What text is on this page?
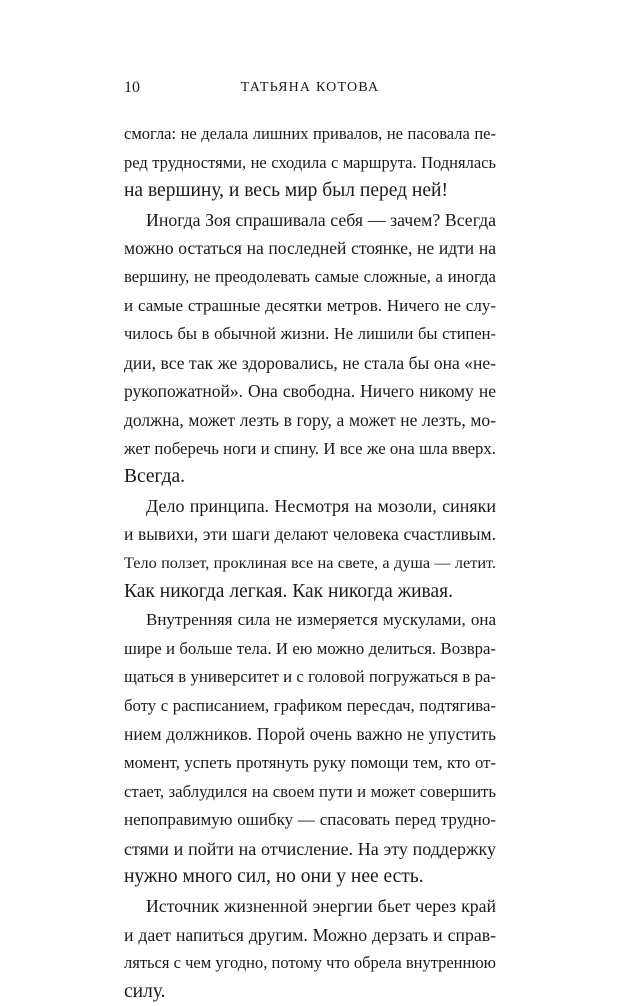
10	ТАТЬЯНА КОТОВА
смогла: не делала лишних привалов, не пасовала пе-
ред трудностями, не сходила с маршрута. Поднялась
на вершину, и весь мир был перед ней!
Иногда Зоя спрашивала себя — зачем? Всегда
можно остаться на последней стоянке, не идти на
вершину, не преодолевать самые сложные, а иногда
и самые страшные десятки метров. Ничего не слу-
чилось бы в обычной жизни. Не лишили бы стипен-
дии, все так же здоровались, не стала бы она «не-
рукопожатной». Она свободна. Ничего никому не
должна, может лезть в гору, а может не лезть, мо-
жет поберечь ноги и спину. И все же она шла вверх.
Всегда.
Дело принципа. Несмотря на мозоли, синяки
и вывихи, эти шаги делают человека счастливым.
Тело ползет, проклиная все на свете, а душа — летит.
Как никогда легкая. Как никогда живая.
Внутренняя сила не измеряется мускулами, она
шире и больше тела. И ею можно делиться. Возвра-
щаться в университет и с головой погружаться в ра-
боту с расписанием, графиком пересдач, подтягива-
нием должников. Порой очень важно не упустить
момент, успеть протянуть руку помощи тем, кто от-
стает, заблудился на своем пути и может совершить
непоправимую ошибку — спасовать перед трудно-
стями и пойти на отчисление. На эту поддержку
нужно много сил, но они у нее есть.
Источник жизненной энергии бьет через край
и дает напиться другим. Можно дерзать и справ-
ляться с чем угодно, потому что обрела внутреннюю
силу.
